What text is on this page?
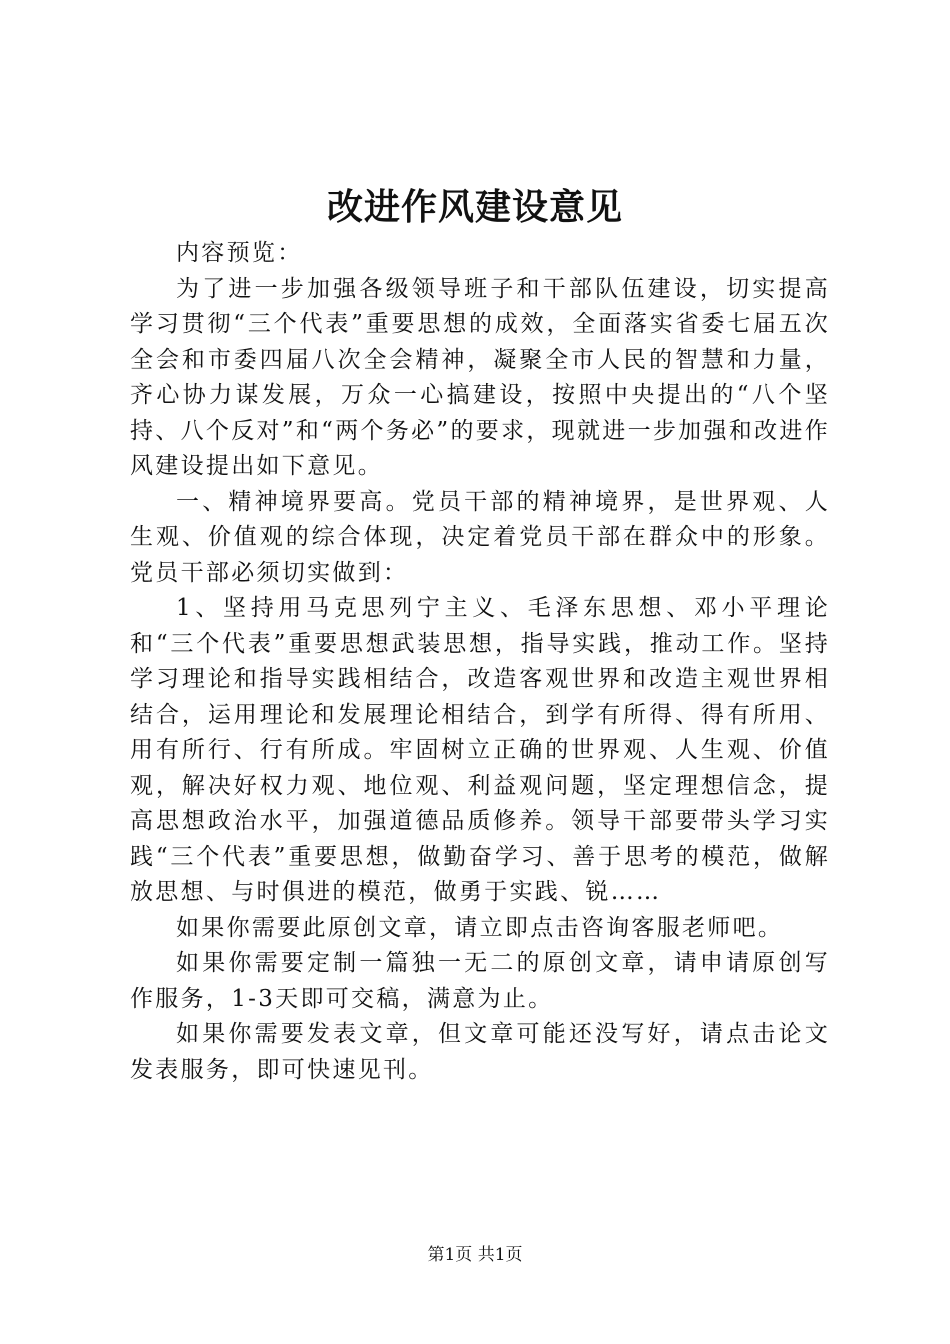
改进作风建设意见

内容预览：

为了进一步加强各级领导班子和干部队伍建设，切实提高学习贯彻“三个代表”重要思想的成效，全面落实省委七届五次全会和市委四届八次全会精神，凝聚全市人民的智慧和力量，齐心协力谋发展，万众一心搞建设，按照中央提出的“八个坚持、八个反对”和“两个务必”的要求，现就进一步加强和改进作风建设提出如下意见。

一、精神境界要高。党员干部的精神境界，是世界观、人生观、价值观的综合体现，决定着党员干部在群众中的形象。党员干部必须切实做到：

1、坚持用马克思列宁主义、毛泽东思想、邓小平理论和“三个代表”重要思想武装思想，指导实践，推动工作。坚持学习理论和指导实践相结合，改造客观世界和改造主观世界相结合，运用理论和发展理论相结合，到学有所得、得有所用、用有所行、行有所成。牢固树立正确的世界观、人生观、价值观，解决好权力观、地位观、利益观问题，坚定理想信念，提高思想政治水平，加强道德品质修养。领导干部要带头学习实践“三个代表”重要思想，做勤奋学习、善于思考的模范，做解放思想、与时俱进的模范，做勇于实践、锐……

如果你需要此原创文章，请立即点击咨询客服老师吧。

如果你需要定制一篇独一无二的原创文章，请申请原创写作服务，1-3天即可交稿，满意为止。

如果你需要发表文章，但文章可能还没写好，请点击论文发表服务，即可快速见刊。

第1页 共1页
